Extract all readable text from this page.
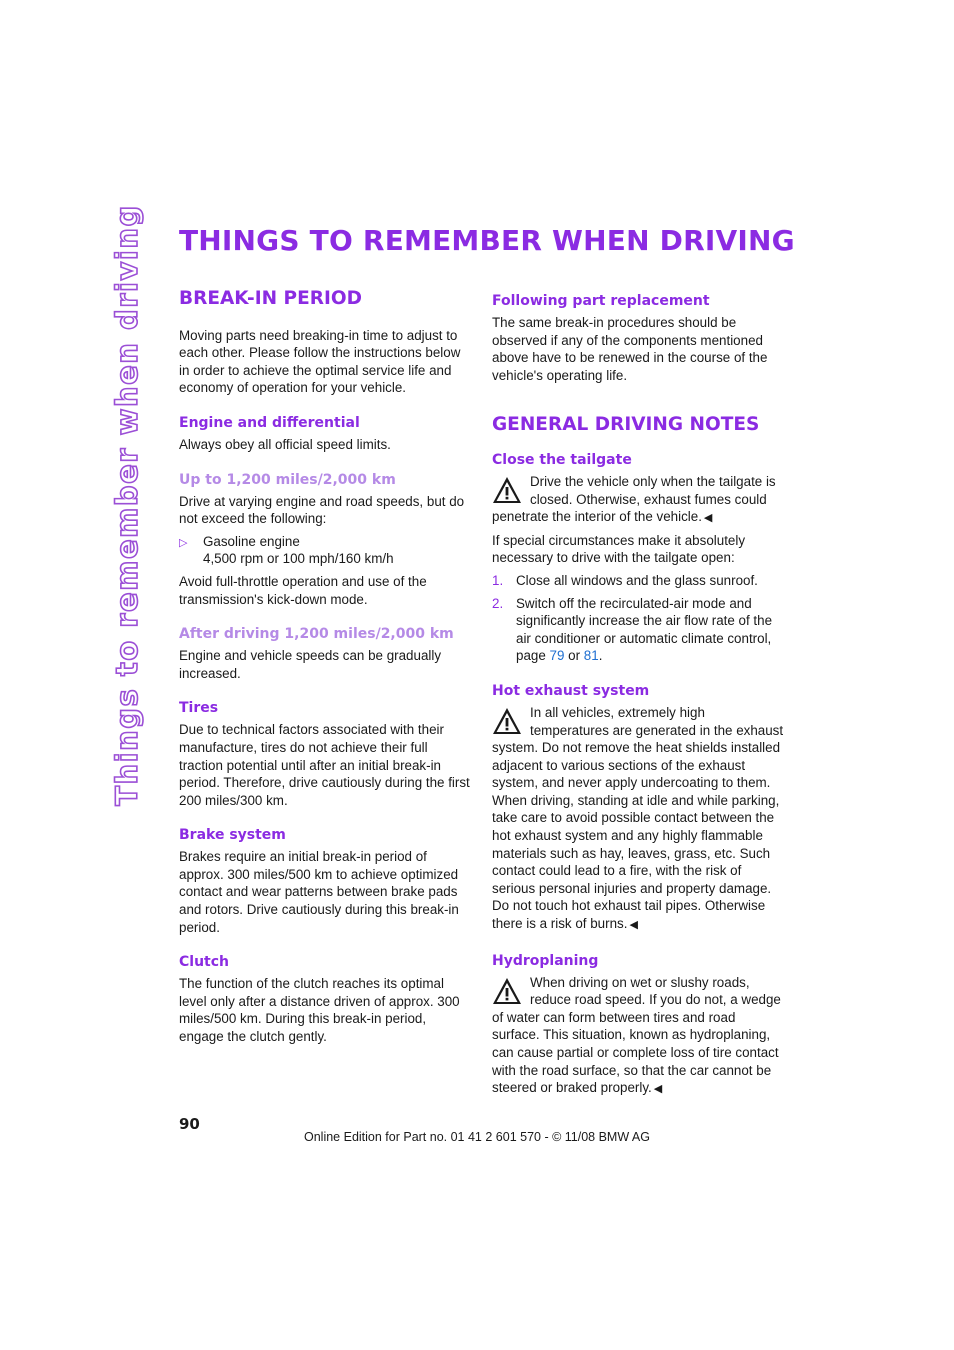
Things to remember when driving THINGS TO REMEMBER WHEN DRIVING
BREAK-IN PERIOD

Moving parts need breaking-in time to adjust to each other. Please follow the instructions below in order to achieve the optimal service life and economy of operation for your vehicle.

Engine and differential

Always obey all official speed limits.

Up to 1,200 miles/2,000 km

Drive at varying engine and road speeds, but do not exceed the following:

▷	Gasoline engine

4,500 rpm or 100 mph/160 km/h

Avoid full-throttle operation and use of the transmission's kick-down mode.

After driving 1,200 miles/2,000 km

Engine and vehicle speeds can be gradually increased.

Tires

Due to technical factors associated with their manufacture, tires do not achieve their full traction potential until after an initial break-in period. Therefore, drive cautiously during the first 200 miles/300 km.

Brake system

Brakes require an initial break-in period of approx. 300 miles/500 km to achieve optimized contact and wear patterns between brake pads and rotors. Drive cautiously during this break-in period.

Clutch

The function of the clutch reaches its optimal level only after a distance driven of approx. 300 miles/500 km. During this break-in period, engage the clutch gently.

Following part replacement

The same break-in procedures should be observed if any of the components mentioned above have to be renewed in the course of the vehicle's operating life.

GENERAL DRIVING NOTES
Close the tailgate

Drive the vehicle only when the tailgate is closed. Otherwise, exhaust fumes could penetrate the interior of the vehicle. ◀

If special circumstances make it absolutely necessary to drive with the tailgate open:

1. Close all windows and the glass sunroof.

2. Switch off the recirculated-air mode and significantly increase the air flow rate of the air conditioner or automatic climate control, page 79 or 81.

Hot exhaust system

In all vehicles, extremely high temperatures are generated in the exhaust system. Do not remove the heat shields installed adjacent to various sections of the exhaust system, and never apply undercoating to them. When driving, standing at idle and while parking, take care to avoid possible contact between the hot exhaust system and any highly flammable materials such as hay, leaves, grass, etc. Such contact could lead to a fire, with the risk of serious personal injuries and property damage. Do not touch hot exhaust tail pipes. Otherwise there is a risk of burns. ◀

Hydroplaning

When driving on wet or slushy roads, reduce road speed. If you do not, a wedge of water can form between tires and road surface. This situation, known as hydroplaning, can cause partial or complete loss of tire contact with the road surface, so that the car cannot be steered or braked properly. ◀

90

Online Edition for Part no. 01 41 2 601 570 - © 11/08 BMW AG
